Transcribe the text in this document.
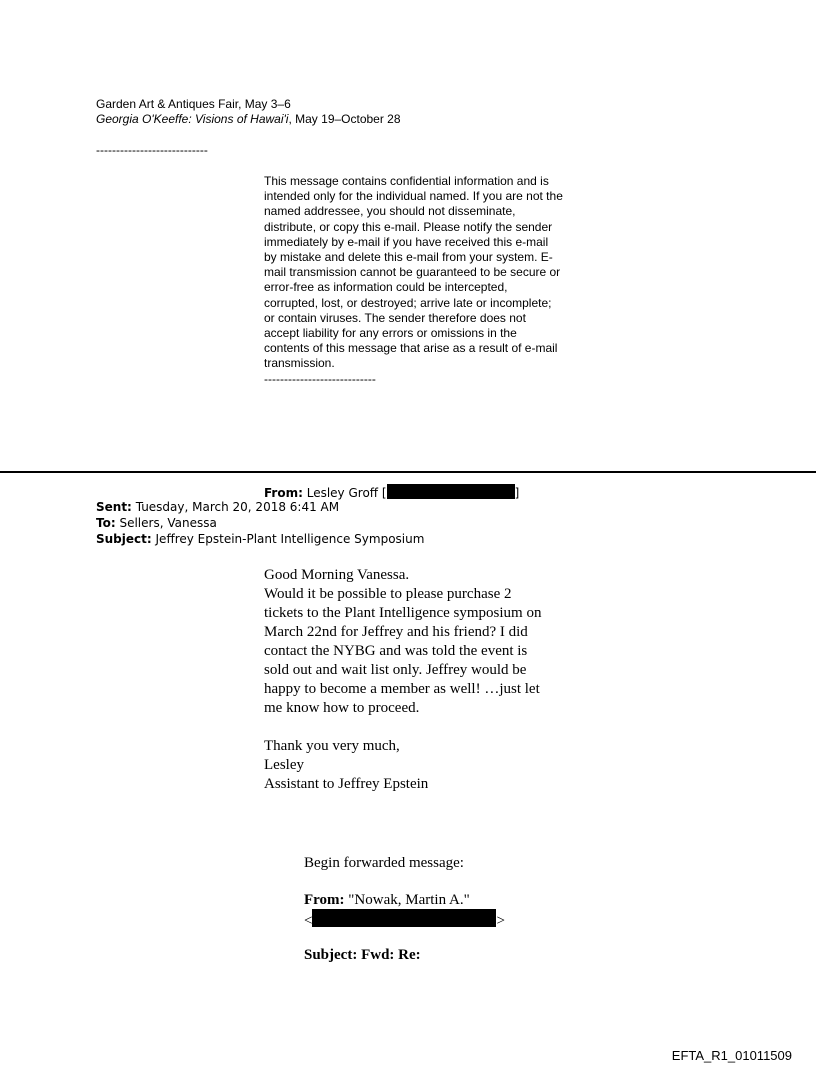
Garden Art & Antiques Fair, May 3–6
Georgia O'Keeffe: Visions of Hawai'i, May 19–October 28
----------------------------

This message contains confidential information and is intended only for the individual named. If you are not the named addressee, you should not disseminate, distribute, or copy this e-mail. Please notify the sender immediately by e-mail if you have received this e-mail by mistake and delete this e-mail from your system. E-mail transmission cannot be guaranteed to be secure or error-free as information could be intercepted, corrupted, lost, or destroyed; arrive late or incomplete; or contain viruses. The sender therefore does not accept liability for any errors or omissions in the contents of this message that arise as a result of e-mail transmission.

----------------------------

From: Lesley Groff [	]
Sent: Tuesday, March 20, 2018 6:41 AM
To: Sellers, Vanessa
Subject: Jeffrey Epstein-Plant Intelligence Symposium

Good Morning Vanessa.

Would it be possible to please purchase 2 tickets to the Plant Intelligence symposium on March 22nd for Jeffrey and his friend? I did contact the NYBG and was told the event is sold out and wait list only. Jeffrey would be happy to become a member as well! …just let me know how to proceed.

Thank you very much,

Lesley

Assistant to Jeffrey Epstein

Begin forwarded message:
From: "Nowak, Martin A."
<	>
Subject: Fwd: Re:
EFTA_R1_01011509
